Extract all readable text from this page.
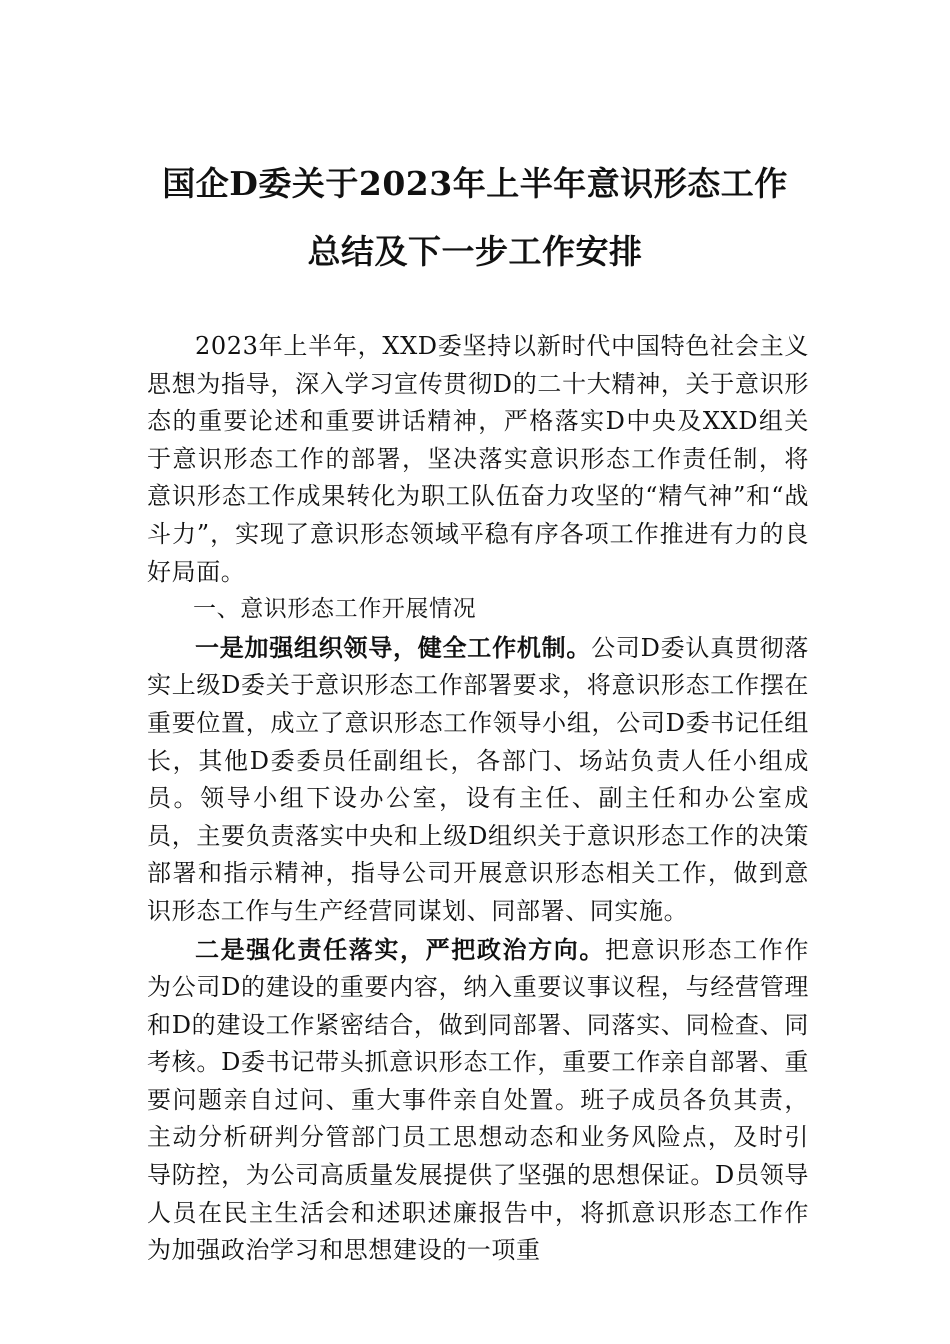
国企D委关于2023年上半年意识形态工作
总结及下一步工作安排

2023年上半年，XXD委坚持以新时代中国特色社会主义思想为指导，深入学习宣传贯彻D的二十大精神，关于意识形态的重要论述和重要讲话精神，严格落实D中央及XXD组关于意识形态工作的部署，坚决落实意识形态工作责任制，将意识形态工作成果转化为职工队伍奋力攻坚的“精气神”和“战斗力”，实现了意识形态领域平稳有序各项工作推进有力的良好局面。

一、意识形态工作开展情况

一是加强组织领导，健全工作机制。公司D委认真贯彻落实上级D委关于意识形态工作部署要求，将意识形态工作摆在重要位置，成立了意识形态工作领导小组，公司D委书记任组长，其他D委委员任副组长，各部门、场站负责人任小组成员。领导小组下设办公室，设有主任、副主任和办公室成员，主要负责落实中央和上级D组织关于意识形态工作的决策部署和指示精神，指导公司开展意识形态相关工作，做到意识形态工作与生产经营同谋划、同部署、同实施。

二是强化责任落实，严把政治方向。把意识形态工作作为公司D的建设的重要内容，纳入重要议事议程，与经营管理和D的建设工作紧密结合，做到同部署、同落实、同检查、同考核。D委书记带头抓意识形态工作，重要工作亲自部署、重要问题亲自过问、重大事件亲自处置。班子成员各负其责，主动分析研判分管部门员工思想动态和业务风险点，及时引导防控，为公司高质量发展提供了坚强的思想保证。D员领导人员在民主生活会和述职述廉报告中，将抓意识形态工作作为加强政治学习和思想建设的一项重
